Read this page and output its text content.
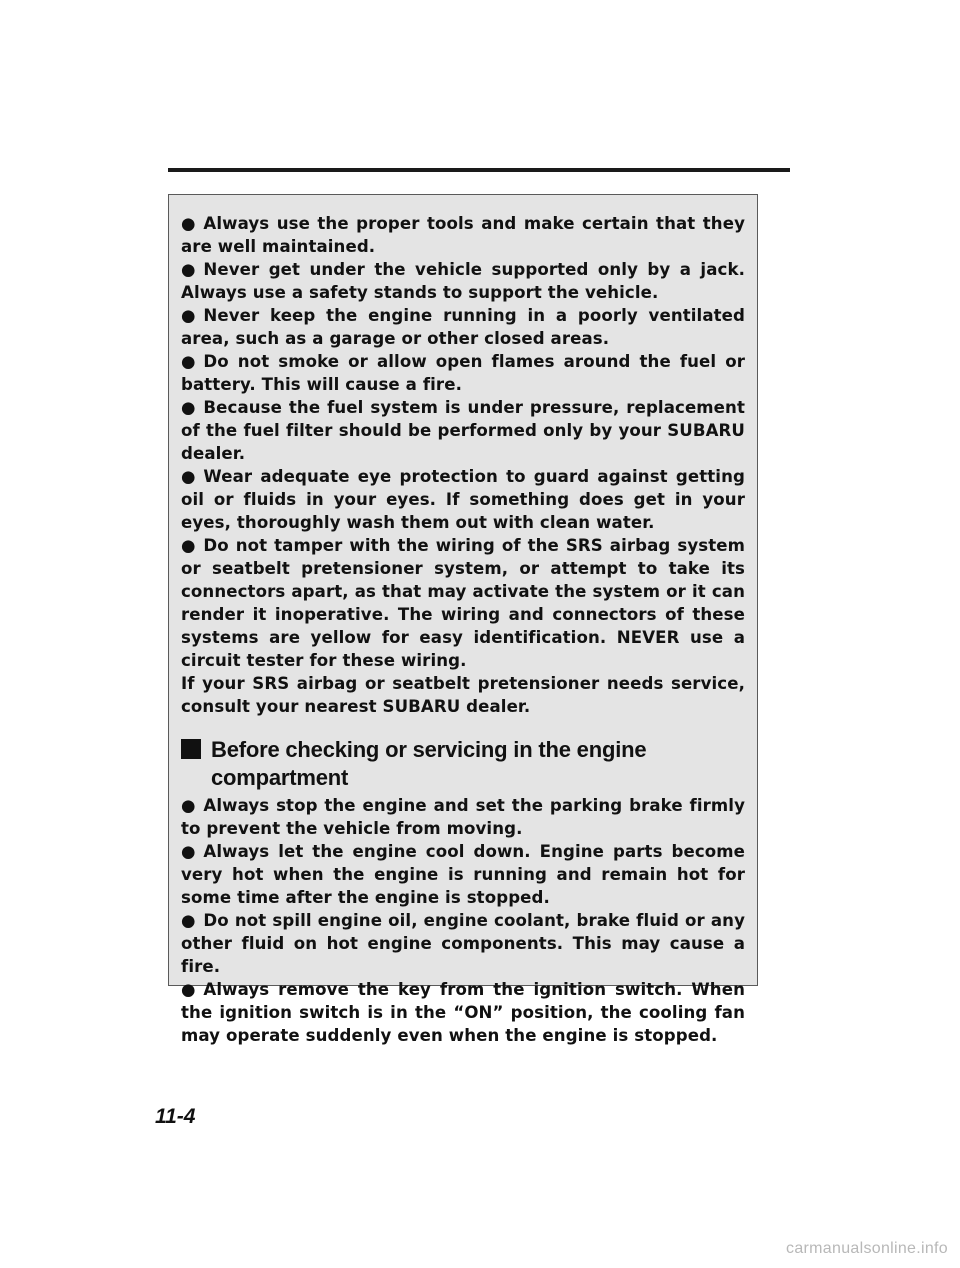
● Always use the proper tools and make certain that they are well maintained.

● Never get under the vehicle supported only by a jack. Always use a safety stands to support the vehicle.

● Never keep the engine running in a poorly ventilated area, such as a garage or other closed areas.

● Do not smoke or allow open flames around the fuel or battery. This will cause a fire.

● Because the fuel system is under pressure, replacement of the fuel filter should be performed only by your SUBARU dealer.

● Wear adequate eye protection to guard against getting oil or fluids in your eyes. If something does get in your eyes, thoroughly wash them out with clean water.

● Do not tamper with the wiring of the SRS airbag system or seatbelt pretensioner system, or attempt to take its connectors apart, as that may activate the system or it can render it inoperative. The wiring and connectors of these systems are yellow for easy identification. NEVER use a circuit tester for these wiring.

If your SRS airbag or seatbelt pretensioner needs service, consult your nearest SUBARU dealer.

Before checking or servicing in the engine compartment

● Always stop the engine and set the parking brake firmly to prevent the vehicle from moving.

● Always let the engine cool down. Engine parts become very hot when the engine is running and remain hot for some time after the engine is stopped.

● Do not spill engine oil, engine coolant, brake fluid or any other fluid on hot engine components. This may cause a fire.

● Always remove the key from the ignition switch. When the ignition switch is in the “ON” position, the cooling fan may operate suddenly even when the engine is stopped.

11-4
carmanualsonline.info
